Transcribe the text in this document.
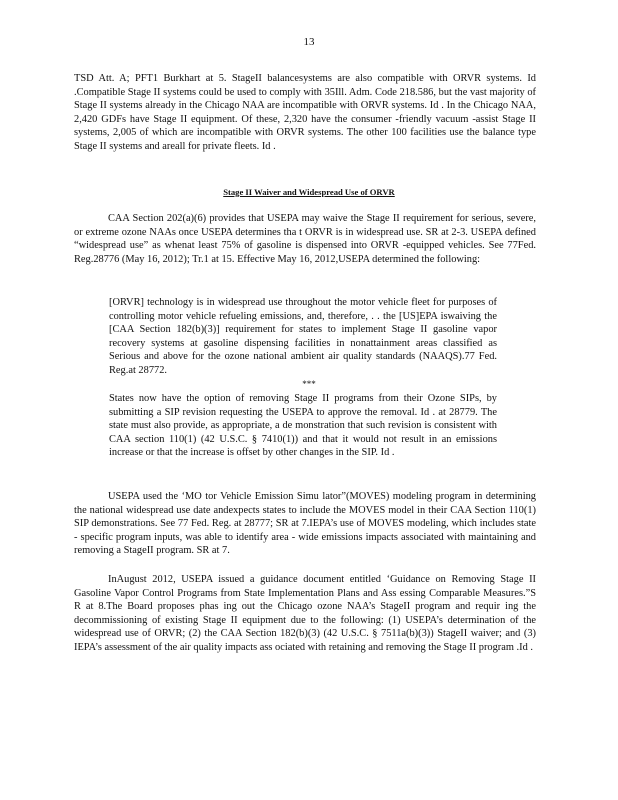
13
TSD Att. A; PFT1 Burkhart at 5. StageII balancesystems are also compatible with ORVR systems. Id .Compatible Stage II systems could be used to comply with 35Ill. Adm. Code 218.586, but the vast majority of Stage II systems already in the Chicago NAA are incompatible with ORVR systems. Id . In the Chicago NAA, 2,420 GDFs have Stage II equipment. Of these, 2,320 have the consumer -friendly vacuum -assist Stage II systems, 2,005 of which are incompatible with ORVR systems. The other 100 facilities use the balance type Stage II systems and areall for private fleets. Id .
Stage II Waiver and Widespread Use of ORVR
CAA Section 202(a)(6) provides that USEPA may waive the Stage II requirement for serious, severe, or extreme ozone NAAs once USEPA determines tha t ORVR is in widespread use. SR at 2-3. USEPA defined “widespread use” as whenat least 75% of gasoline is dispensed into ORVR -equipped vehicles. See 77Fed. Reg.28776 (May 16, 2012); Tr.1 at 15. Effective May 16, 2012,USEPA determined the following:
[ORVR] technology is in widespread use throughout the motor vehicle fleet for purposes of controlling motor vehicle refueling emissions, and, therefore, . . the [US]EPA iswaiving the [CAA Section 182(b)(3)] requirement for states to implement Stage II gasoline vapor recovery systems at gasoline dispensing facilities in nonattainment areas classified as Serious and above for the ozone national ambient air quality standards (NAAQS).77 Fed. Reg.at 28772.
***
States now have the option of removing Stage II programs from their Ozone SIPs, by submitting a SIP revision requesting the USEPA to approve the removal. Id . at 28779. The state must also provide, as appropriate, a de monstration that such revision is consistent with CAA section 110(1) (42 U.S.C. § 7410(1)) and that it would not result in an emissions increase or that the increase is offset by other changes in the SIP. Id .
USEPA used the ‘MO tor Vehicle Emission Simu lator”(MOVES) modeling program in determining the national widespread use date andexpects states to include the MOVES model in their CAA Section 110(1) SIP demonstrations. See 77 Fed. Reg. at 28777; SR at 7.IEPA’s use of MOVES modeling, which includes state - specific program inputs, was able to identify area - wide emissions impacts associated with maintaining and removing a StageII program. SR at 7.
InAugust 2012, USEPA issued a guidance document entitled ‘Guidance on Removing Stage II Gasoline Vapor Control Programs from State Implementation Plans and Ass essing Comparable Measures.”S R at 8.The Board proposes phas ing out the Chicago ozone NAA’s StageII program and requir ing the decommissioning of existing Stage II equipment due to the following: (1) USEPA’s determination of the widespread use of ORVR; (2) the CAA Section 182(b)(3) (42 U.S.C. § 7511a(b)(3)) StageII waiver; and (3) IEPA’s assessment of the air quality impacts ass ociated with retaining and removing the Stage II program .Id .
